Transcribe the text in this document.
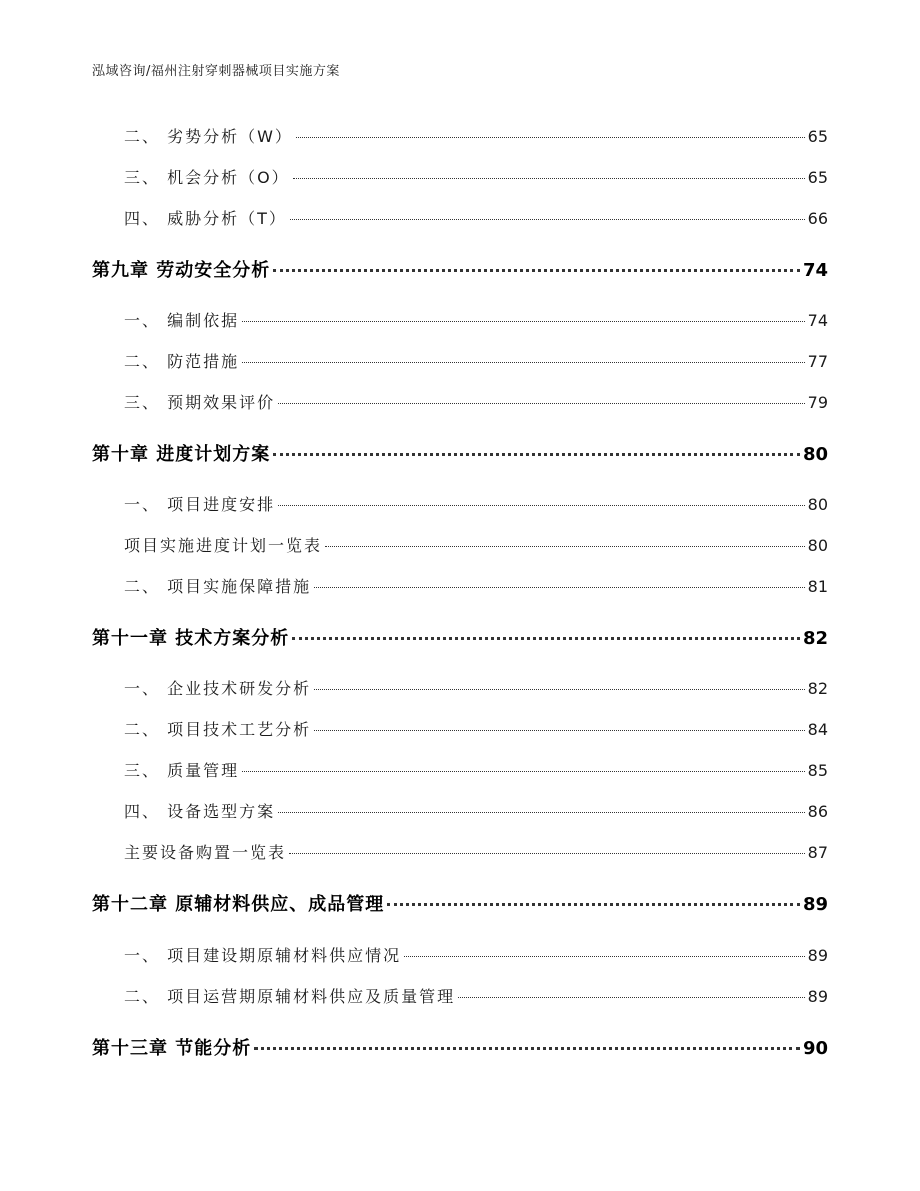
泓域咨询/福州注射穿刺器械项目实施方案
二、 劣势分析（W）	65
三、 机会分析（O）	65
四、 威胁分析（T）	66
第九章 劳动安全分析	74
一、 编制依据	74
二、 防范措施	77
三、 预期效果评价	79
第十章 进度计划方案	80
一、 项目进度安排	80
项目实施进度计划一览表	80
二、 项目实施保障措施	81
第十一章 技术方案分析	82
一、 企业技术研发分析	82
二、 项目技术工艺分析	84
三、 质量管理	85
四、 设备选型方案	86
主要设备购置一览表	87
第十二章 原辅材料供应、成品管理	89
一、 项目建设期原辅材料供应情况	89
二、 项目运营期原辅材料供应及质量管理	89
第十三章 节能分析	90
